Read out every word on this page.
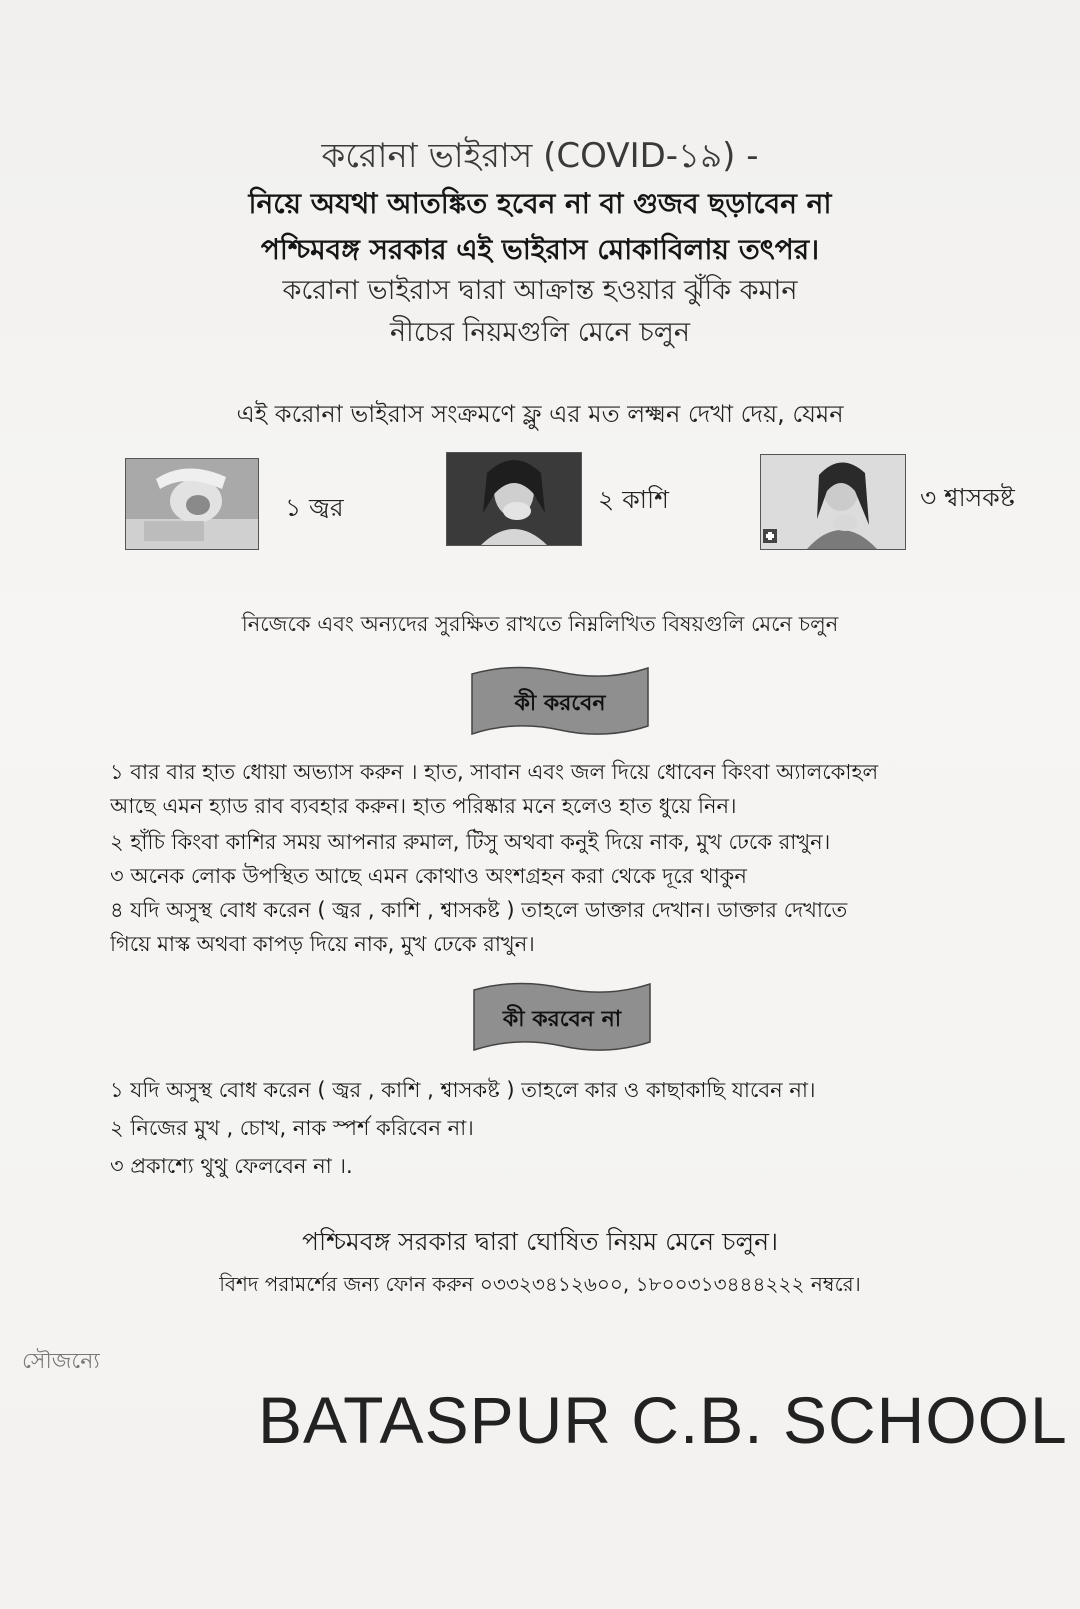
করোনা ভাইরাস (COVID-১৯) -
নিয়ে অযথা আতঙ্কিত হবেন না বা গুজব ছড়াবেন না
পশ্চিমবঙ্গ সরকার এই ভাইরাস মোকাবিলায় তৎপর।
করোনা ভাইরাস দ্বারা আক্রান্ত হওয়ার ঝুঁকি কমান
নীচের নিয়মগুলি মেনে চলুন
এই করোনা ভাইরাস সংক্রমণে ফ্লু এর মত লক্ষ্মন দেখা দেয়, যেমন
১ জ্বর	২ কাশি	৩ শ্বাসকষ্ট
নিজেকে এবং অন্যদের সুরক্ষিত রাখতে নিম্নলিখিত বিষয়গুলি মেনে চলুন
কী করবেন
১ বার বার হাত ধোয়া অভ্যাস করুন । হাত, সাবান এবং জল দিয়ে ধোবেন কিংবা অ্যালকোহল
আছে এমন হ্যাড রাব ব্যবহার করুন। হাত পরিষ্কার মনে হলেও হাত ধুয়ে নিন।
২ হাঁচি কিংবা কাশির সময় আপনার রুমাল, টিসু অথবা কনুই দিয়ে নাক, মুখ ঢেকে রাখুন।
৩ অনেক লোক উপস্থিত আছে এমন কোথাও অংশগ্রহন করা থেকে দূরে থাকুন
৪ যদি অসুস্থ বোধ করেন ( জ্বর , কাশি , শ্বাসকষ্ট ) তাহলে ডাক্তার দেখান। ডাক্তার দেখাতে
গিয়ে মাস্ক অথবা কাপড় দিয়ে নাক, মুখ ঢেকে রাখুন।
কী করবেন না
১ যদি অসুস্থ বোধ করেন ( জ্বর , কাশি , শ্বাসকষ্ট ) তাহলে কার ও কাছাকাছি যাবেন না।
২ নিজের মুখ , চোখ, নাক স্পর্শ করিবেন না।
৩ প্রকাশ্যে থুথু ফেলবেন না ।.
পশ্চিমবঙ্গ সরকার দ্বারা ঘোষিত নিয়ম মেনে চলুন।
বিশদ পরামর্শের জন্য ফোন করুন ০৩৩২৩৪১২৬০০, ১৮০০৩১৩৪৪৪২২২ নম্বরে।
সৌজন্যে
BATASPUR C.B. SCHOOL
